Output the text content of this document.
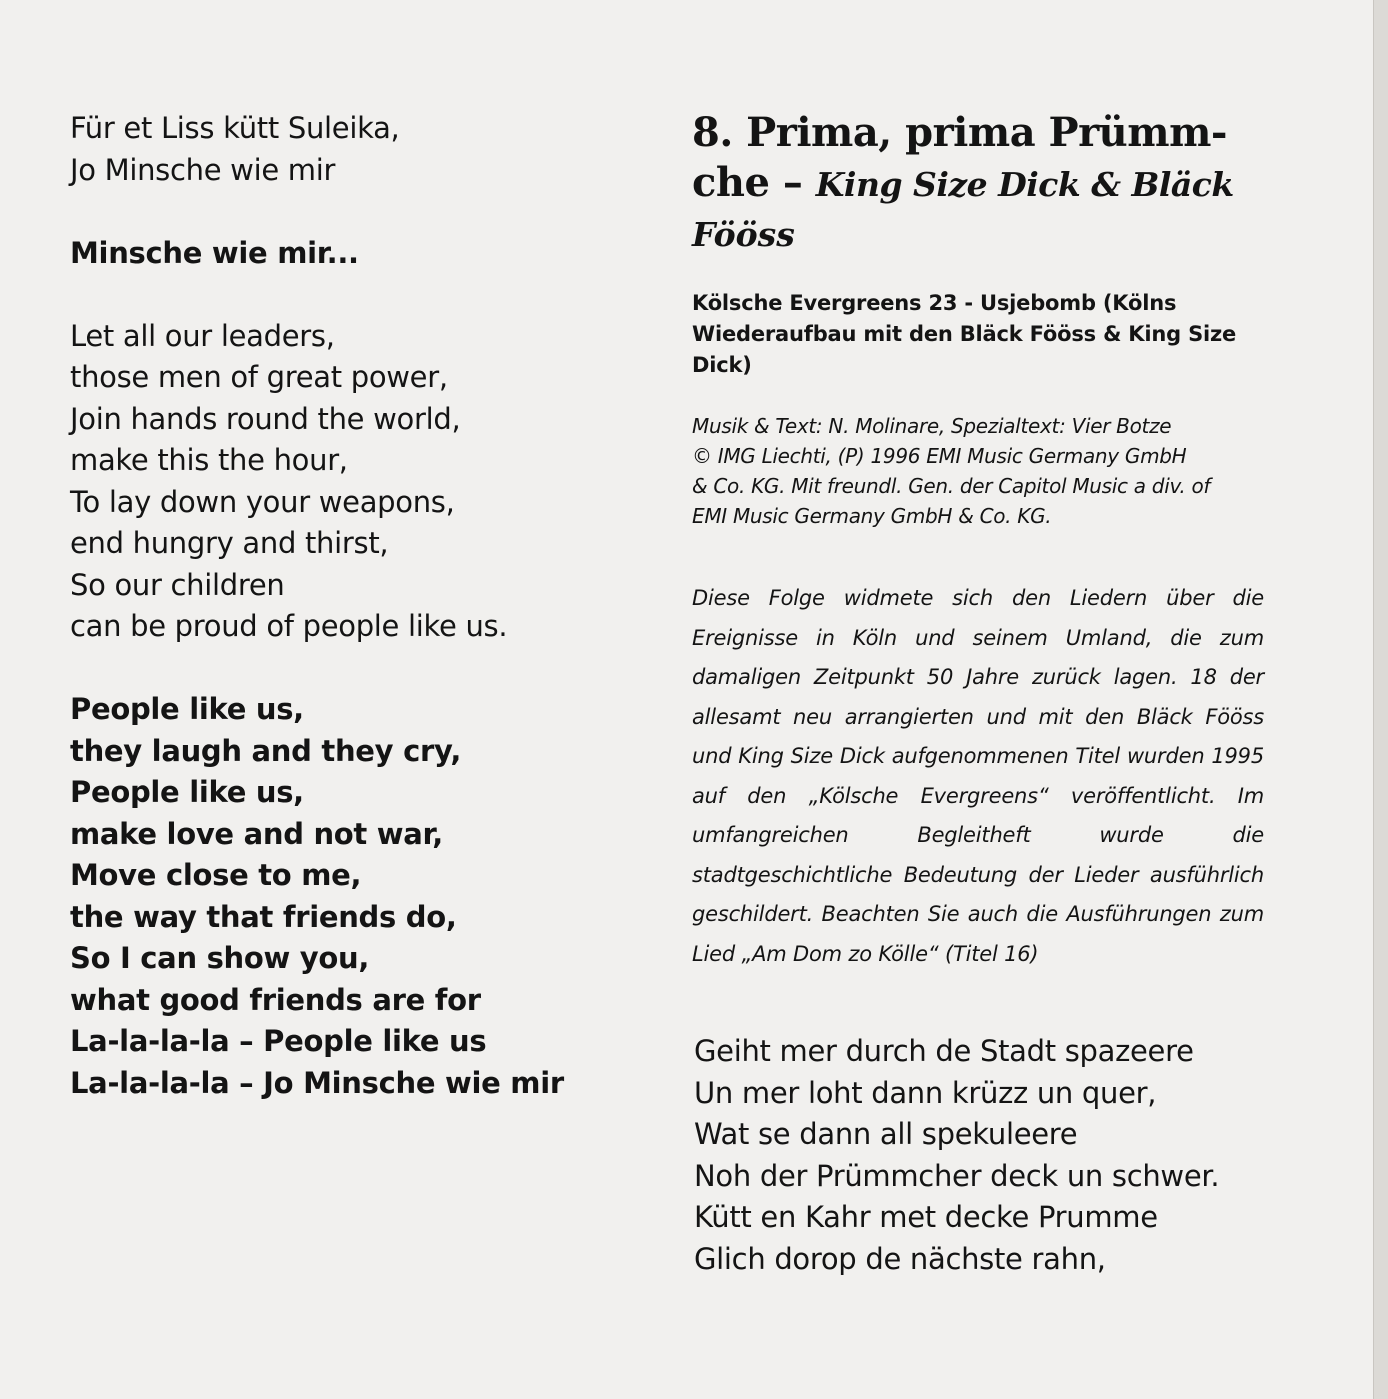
Für et Liss kütt Suleika,
Jo Minsche wie mir
Minsche wie mir...
Let all our leaders,
those men of great power,
Join hands round the world,
make this the hour,
To lay down your weapons,
end hungry and thirst,
So our children
can be proud of people like us.
People like us,
they laugh and they cry,
People like us,
make love and not war,
Move close to me,
the way that friends do,
So I can show you,
what good friends are for
La-la-la-la – People like us
La-la-la-la – Jo Minsche wie mir
8. Prima, prima Prümm-
che – King Size Dick & Bläck
Fööss
Kölsche Evergreens 23 - Usjebomb (Kölns Wiederaufbau mit den Bläck Fööss & King Size Dick)
Musik & Text: N. Molinare, Spezialtext: Vier Botze
© IMG Liechti, (P) 1996 EMI Music Germany GmbH
& Co. KG. Mit freundl. Gen. der Capitol Music a div. of
EMI Music Germany GmbH & Co. KG.
Diese Folge widmete sich den Liedern über die Ereignisse in Köln und seinem Umland, die zum damaligen Zeitpunkt 50 Jahre zurück lagen. 18 der allesamt neu arrangierten und mit den Bläck Fööss und King Size Dick aufgenommenen Titel wurden 1995 auf den „Kölsche Evergreens“ veröffentlicht. Im umfangreichen Begleitheft wurde die stadtgeschichtliche Bedeutung der Lieder ausführlich geschildert. Beachten Sie auch die Ausführungen zum Lied „Am Dom zo Kölle“ (Titel 16)
Geiht mer durch de Stadt spazeere
Un mer loht dann krüzz un quer,
Wat se dann all spekuleere
Noh der Prümmcher deck un schwer.
Kütt en Kahr met decke Prumme
Glich dorop de nächste rahn,
